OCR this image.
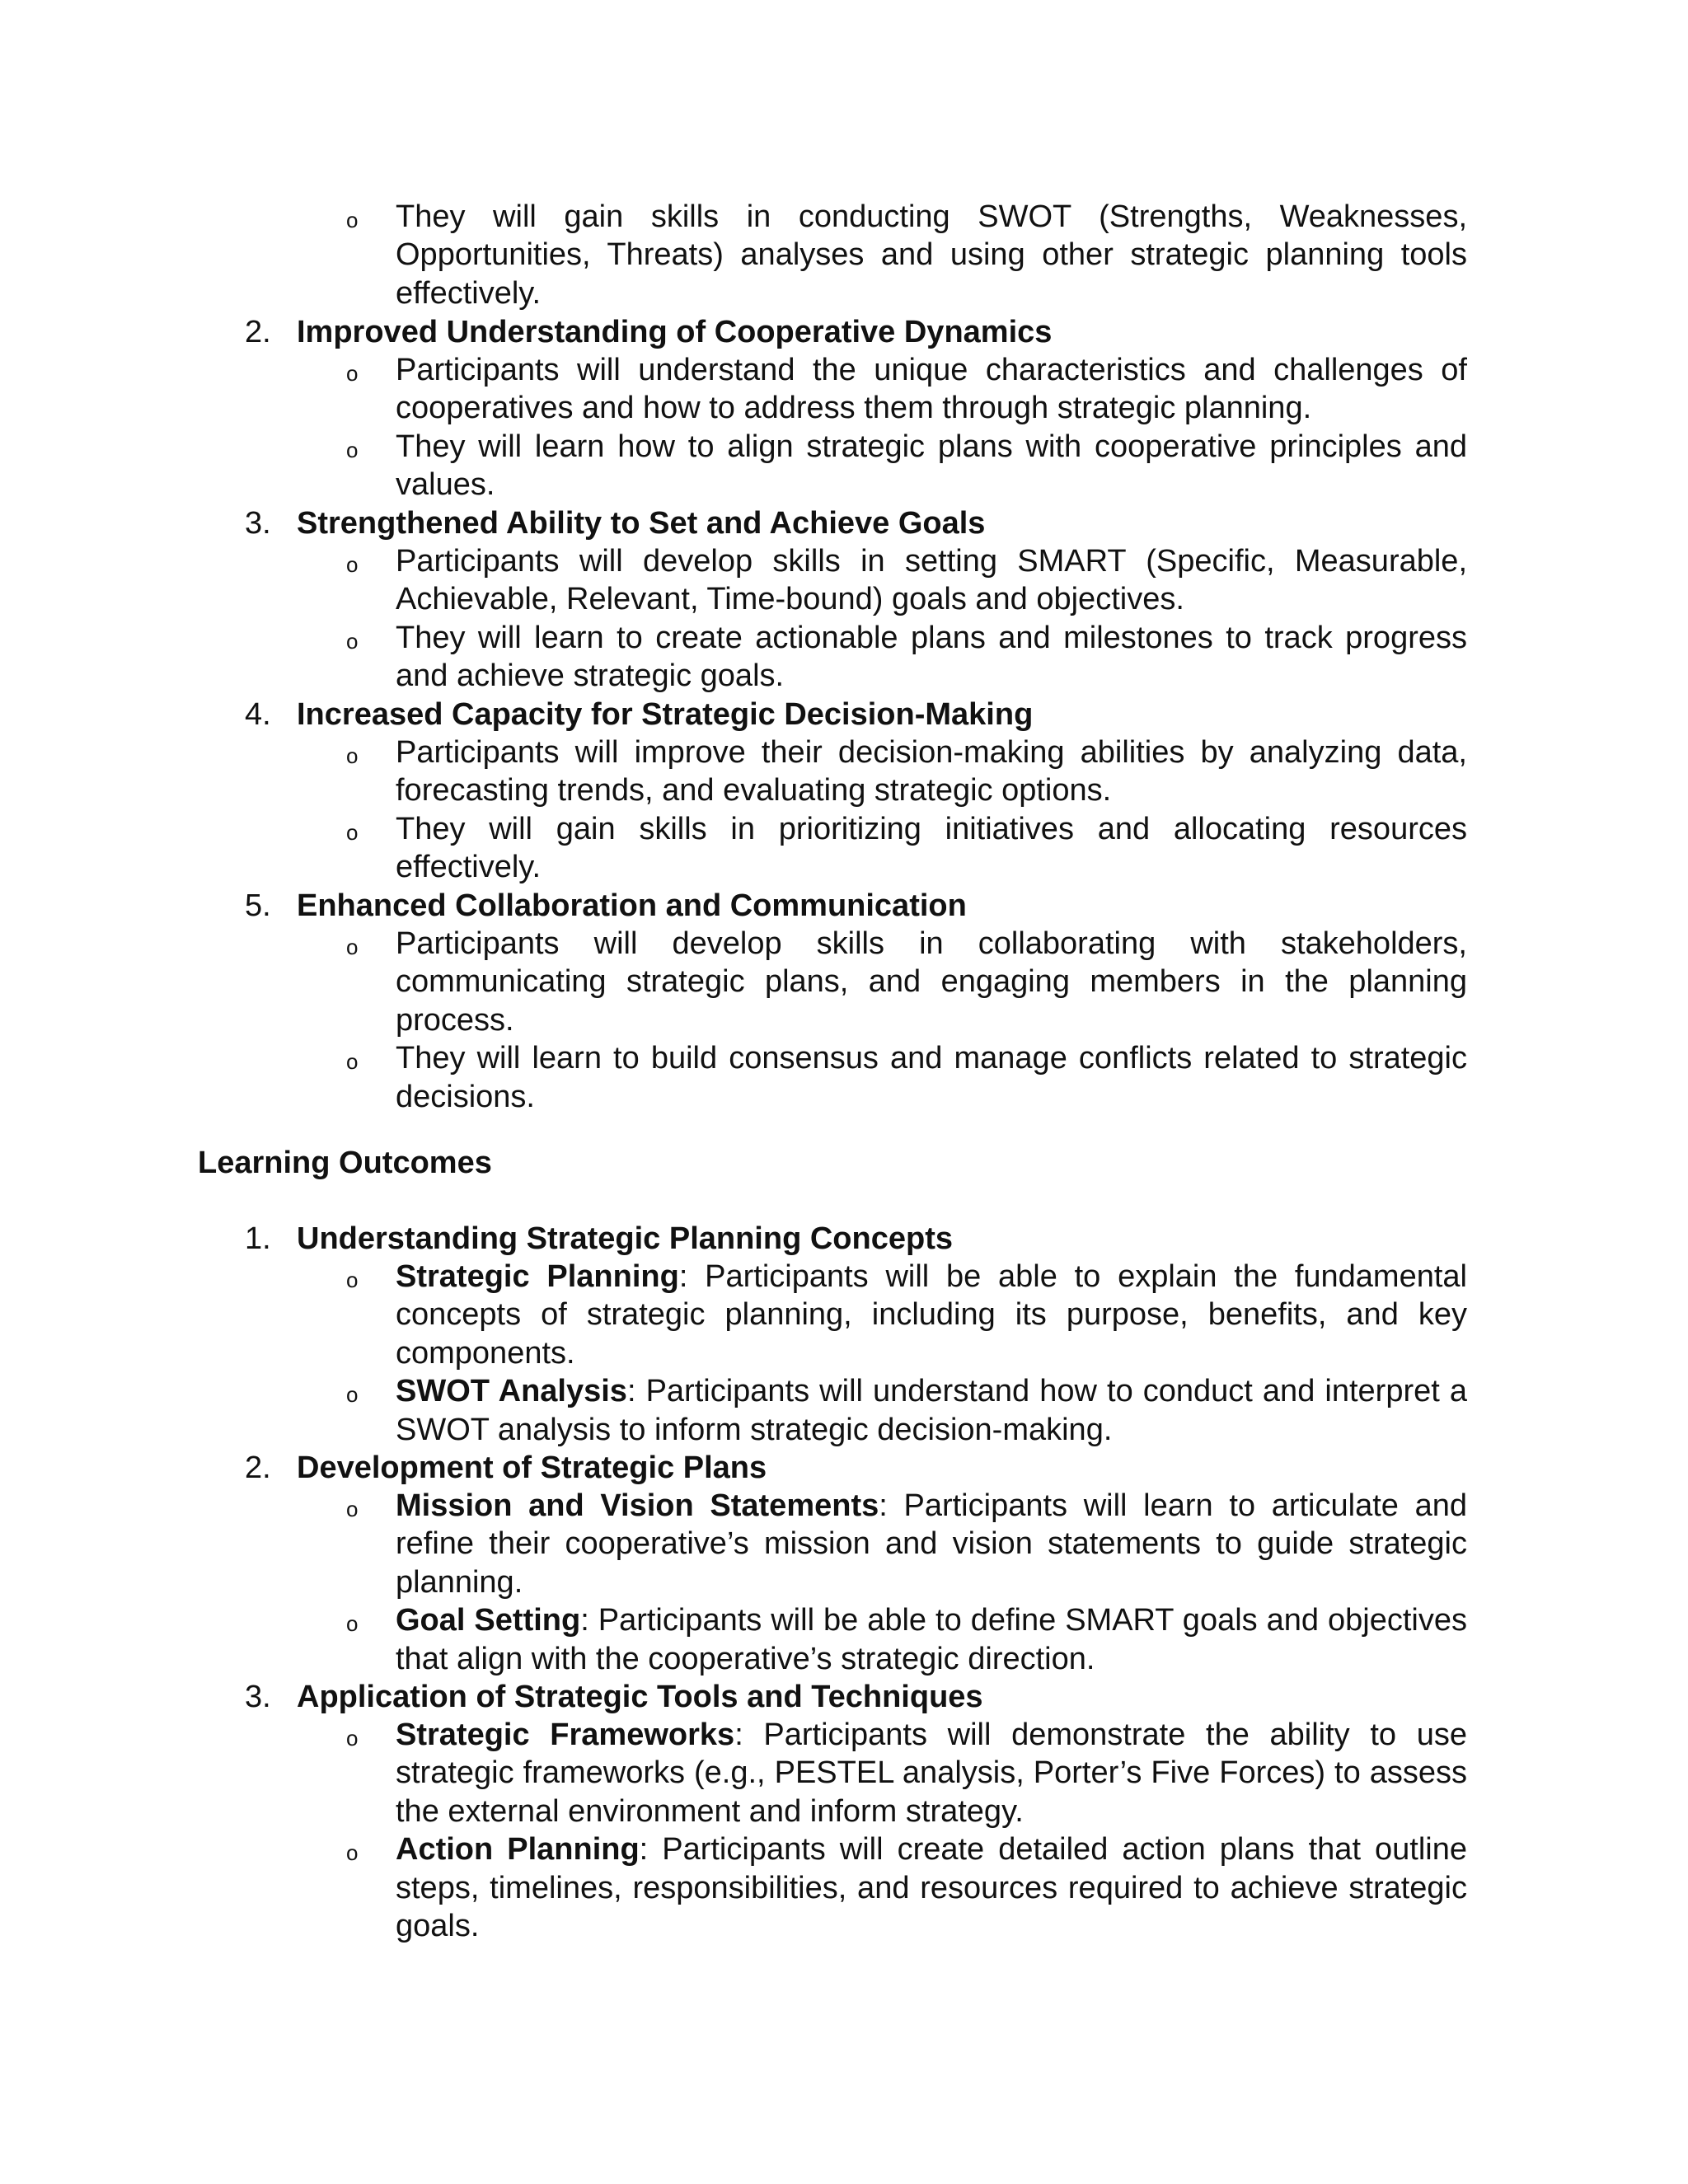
o They will gain skills in conducting SWOT (Strengths, Weaknesses, Opportunities, Threats) analyses and using other strategic planning tools effectively.
2. Improved Understanding of Cooperative Dynamics
o Participants will understand the unique characteristics and challenges of cooperatives and how to address them through strategic planning.
o They will learn how to align strategic plans with cooperative principles and values.
3. Strengthened Ability to Set and Achieve Goals
o Participants will develop skills in setting SMART (Specific, Measurable, Achievable, Relevant, Time-bound) goals and objectives.
o They will learn to create actionable plans and milestones to track progress and achieve strategic goals.
4. Increased Capacity for Strategic Decision-Making
o Participants will improve their decision-making abilities by analyzing data, forecasting trends, and evaluating strategic options.
o They will gain skills in prioritizing initiatives and allocating resources effectively.
5. Enhanced Collaboration and Communication
o Participants will develop skills in collaborating with stakeholders, communicating strategic plans, and engaging members in the planning process.
o They will learn to build consensus and manage conflicts related to strategic decisions.
Learning Outcomes
1. Understanding Strategic Planning Concepts
o Strategic Planning: Participants will be able to explain the fundamental concepts of strategic planning, including its purpose, benefits, and key components.
o SWOT Analysis: Participants will understand how to conduct and interpret a SWOT analysis to inform strategic decision-making.
2. Development of Strategic Plans
o Mission and Vision Statements: Participants will learn to articulate and refine their cooperative’s mission and vision statements to guide strategic planning.
o Goal Setting: Participants will be able to define SMART goals and objectives that align with the cooperative’s strategic direction.
3. Application of Strategic Tools and Techniques
o Strategic Frameworks: Participants will demonstrate the ability to use strategic frameworks (e.g., PESTEL analysis, Porter’s Five Forces) to assess the external environment and inform strategy.
o Action Planning: Participants will create detailed action plans that outline steps, timelines, responsibilities, and resources required to achieve strategic goals.
